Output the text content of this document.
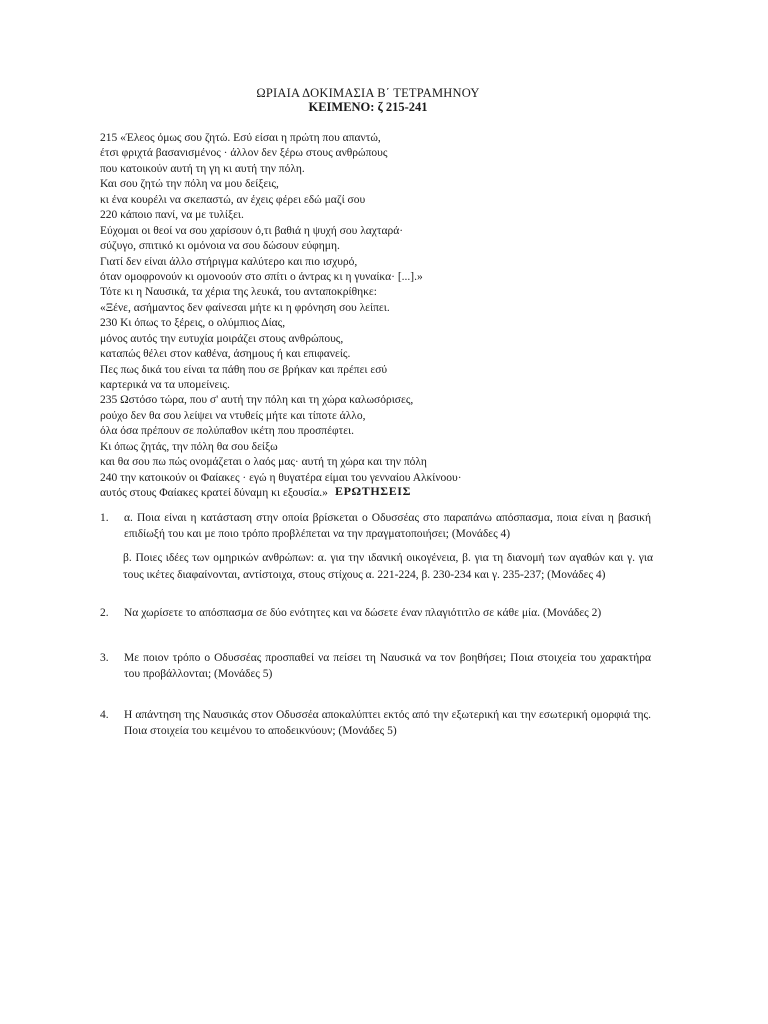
ΩΡΙΑΙΑ ΔΟΚΙΜΑΣΙΑ Β΄ ΤΕΤΡΑΜΗΝΟΥ
ΚΕΙΜΕΝΟ: ζ 215-241
215 «Έλεος όμως σου ζητώ. Εσύ είσαι η πρώτη που απαντώ,
έτσι φριχτά βασανισμένος · άλλον δεν ξέρω στους ανθρώπους
που κατοικούν αυτή τη γη κι αυτή την πόλη.
Και σου ζητώ την πόλη να μου δείξεις,
κι ένα κουρέλι να σκεπαστώ, αν έχεις φέρει εδώ μαζί σου
220 κάποιο πανί, να με τυλίξει.
Εύχομαι οι θεοί να σου χαρίσουν ό,τι βαθιά η ψυχή σου λαχταρά·
σύζυγο, σπιτικό κι ομόνοια να σου δώσουν εύφημη.
Γιατί δεν είναι άλλο στήριγμα καλύτερο και πιο ισχυρό,
όταν ομοφρονούν κι ομονοούν στο σπίτι ο άντρας κι η γυναίκα· [...].»
Τότε κι η Ναυσικά, τα χέρια της λευκά, του ανταποκρίθηκε:
«Ξένε, ασήμαντος δεν φαίνεσαι μήτε κι η φρόνηση σου λείπει.
230 Κι όπως το ξέρεις, ο ολύμπιος Δίας,
μόνος αυτός την ευτυχία μοιράζει στους ανθρώπους,
καταπώς θέλει στον καθένα, άσημους ή και επιφανείς.
Πες πως δικά του είναι τα πάθη που σε βρήκαν και πρέπει εσύ
καρτερικά να τα υπομείνεις.
235 Ωστόσο τώρα, που σ' αυτή την πόλη και τη χώρα καλωσόρισες,
ρούχο δεν θα σου λείψει να ντυθείς μήτε και τίποτε άλλο,
όλα όσα πρέπουν σε πολύπαθον ικέτη που προσπέφτει.
Κι όπως ζητάς, την πόλη θα σου δείξω
και θα σου πω πώς ονομάζεται ο λαός μας· αυτή τη χώρα και την πόλη
240 την κατοικούν οι Φαίακες · εγώ η θυγατέρα είμαι του γενναίου Αλκίνοου·
αυτός στους Φαίακες κρατεί δύναμη κι εξουσία.» ΕΡΩΤΗΣΕΙΣ
1.	α. Ποια είναι η κατάσταση στην οποία βρίσκεται ο Οδυσσέας στο παραπάνω απόσπασμα, ποια είναι η βασική επιδίωξή του και με ποιο τρόπο προβλέπεται να την πραγματοποιήσει; (Μονάδες 4)
β. Ποιες ιδέες των ομηρικών ανθρώπων: α. για την ιδανική οικογένεια, β. για τη διανομή των αγαθών και γ. για τους ικέτες διαφαίνονται, αντίστοιχα, στους στίχους α. 221-224, β. 230-234 και γ. 235-237; (Μονάδες 4)
2.	Να χωρίσετε το απόσπασμα σε δύο ενότητες και να δώσετε έναν πλαγιότιτλο σε κάθε μία. (Μονάδες 2)
3.	Με ποιον τρόπο ο Οδυσσέας προσπαθεί να πείσει τη Ναυσικά να τον βοηθήσει; Ποια στοιχεία του χαρακτήρα του προβάλλονται; (Μονάδες 5)
4.	Η απάντηση της Ναυσικάς στον Οδυσσέα αποκαλύπτει εκτός από την εξωτερική και την εσωτερική ομορφιά της. Ποια στοιχεία του κειμένου το αποδεικνύουν; (Μονάδες 5)
